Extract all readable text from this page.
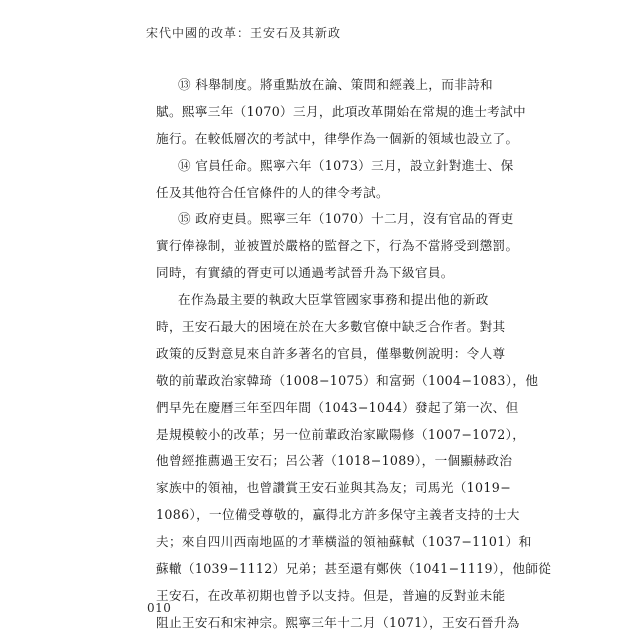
宋代中國的改革：王安石及其新政
⑬ 科舉制度。將重點放在論、策問和經義上，而非詩和
賦。熙寧三年（1070）三月，此項改革開始在常規的進士考試中
施行。在較低層次的考試中，律學作為一個新的領域也設立了。
⑭ 官員任命。熙寧六年（1073）三月，設立針對進士、保
任及其他符合任官條件的人的律令考試。
⑮ 政府吏員。熙寧三年（1070）十二月，沒有官品的胥吏
實行俸祿制，並被置於嚴格的監督之下，行為不當將受到懲罰。
同時，有實績的胥吏可以通過考試晉升為下級官員。
在作為最主要的執政大臣掌管國家事務和提出他的新政
時，王安石最大的困境在於在大多數官僚中缺乏合作者。對其
政策的反對意見來自許多著名的官員，僅舉數例說明：令人尊
敬的前輩政治家韓琦（1008−1075）和富弼（1004−1083），他
們早先在慶曆三年至四年間（1043−1044）發起了第一次、但
是規模較小的改革；另一位前輩政治家歐陽修（1007−1072），
他曾經推薦過王安石；呂公著（1018−1089），一個顯赫政治
家族中的領袖，也曾讚賞王安石並與其為友；司馬光（1019−
1086），一位備受尊敬的，贏得北方許多保守主義者支持的士大
夫；來自四川西南地區的才華橫溢的領袖蘇軾（1037−1101）和
蘇轍（1039−1112）兄弟；甚至還有鄭俠（1041−1119），他師從
王安石，在改革初期也曾予以支持。但是，普遍的反對並未能
阻止王安石和宋神宗。熙寧三年十二月（1071），王安石晉升為
010
